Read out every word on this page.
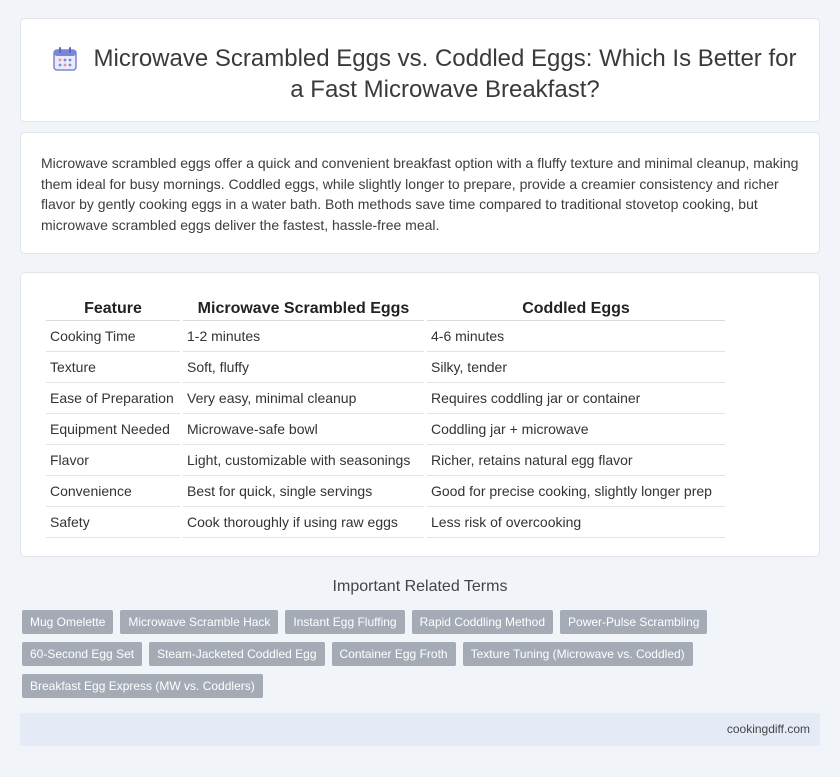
Microwave Scrambled Eggs vs. Coddled Eggs: Which Is Better for a Fast Microwave Breakfast?

Microwave scrambled eggs offer a quick and convenient breakfast option with a fluffy texture and minimal cleanup, making them ideal for busy mornings. Coddled eggs, while slightly longer to prepare, provide a creamier consistency and richer flavor by gently cooking eggs in a water bath. Both methods save time compared to traditional stovetop cooking, but microwave scrambled eggs deliver the fastest, hassle-free meal.

Feature	Microwave Scrambled Eggs	Coddled Eggs
Cooking Time	1-2 minutes	4-6 minutes
Texture	Soft, fluffy	Silky, tender
Ease of Preparation	Very easy, minimal cleanup	Requires coddling jar or container
Equipment Needed	Microwave-safe bowl	Coddling jar + microwave
Flavor	Light, customizable with seasonings	Richer, retains natural egg flavor
Convenience	Best for quick, single servings	Good for precise cooking, slightly longer prep
Safety	Cook thoroughly if using raw eggs	Less risk of overcooking
Important Related Terms
Mug Omelette	Microwave Scramble Hack	Instant Egg Fluffing	Rapid Coddling Method	Power-Pulse Scrambling
60-Second Egg Set	Steam-Jacketed Coddled Egg	Container Egg Froth	Texture Tuning (Microwave vs. Coddled)
Breakfast Egg Express (MW vs. Coddlers)
cookingdiff.com
